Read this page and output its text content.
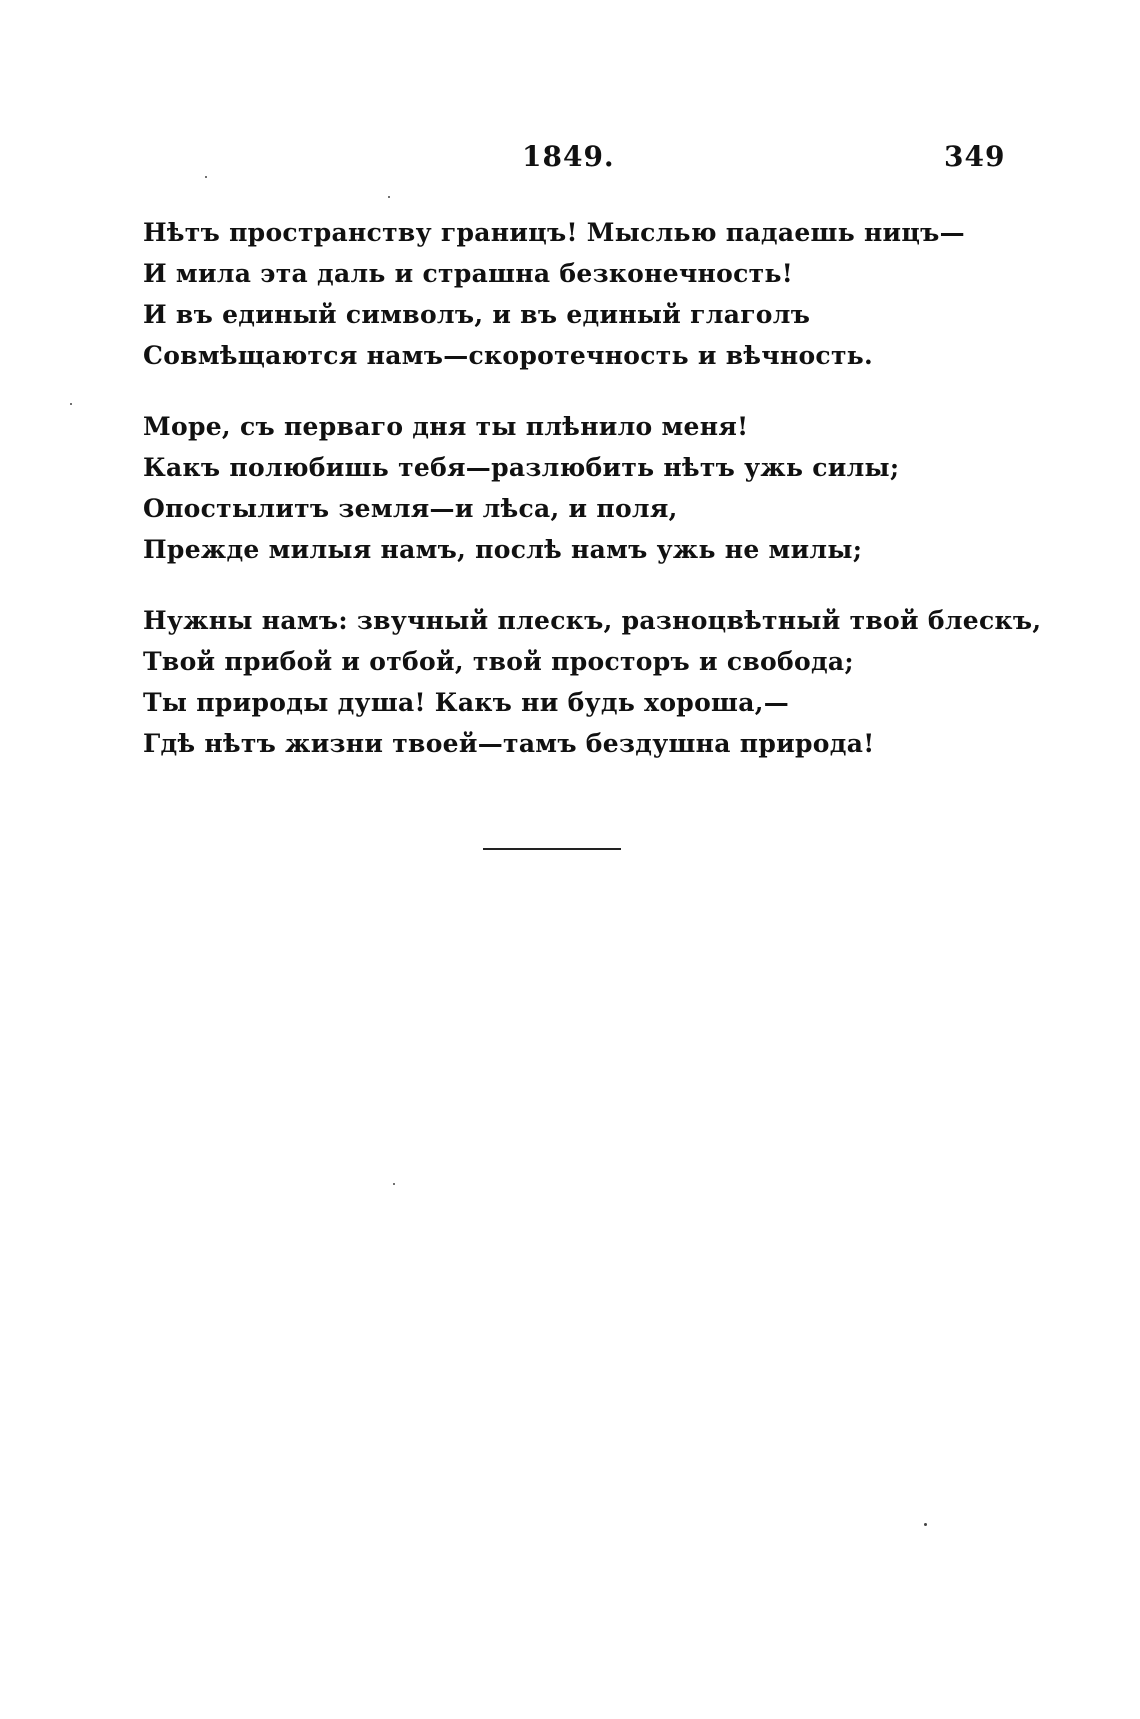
1849.	349
Нѣтъ пространству границъ! Мыслью падаешь ницъ—
И мила эта даль и страшна безконечность!
И въ единый символъ, и въ единый глаголъ
Совмѣщаются намъ—скоротечность и вѣчность.
Море, съ перваго дня ты плѣнило меня!
Какъ полюбишь тебя—разлюбить нѣтъ ужь силы;
Опостылитъ земля—и лѣса, и поля,
Прежде милыя намъ, послѣ намъ ужь не милы;
Нужны намъ: звучный плескъ, разноцвѣтный твой блескъ,
Твой прибой и отбой, твой просторъ и свобода;
Ты природы душа! Какъ ни будь хороша,—
Гдѣ нѣтъ жизни твоей—тамъ бездушна природа!
